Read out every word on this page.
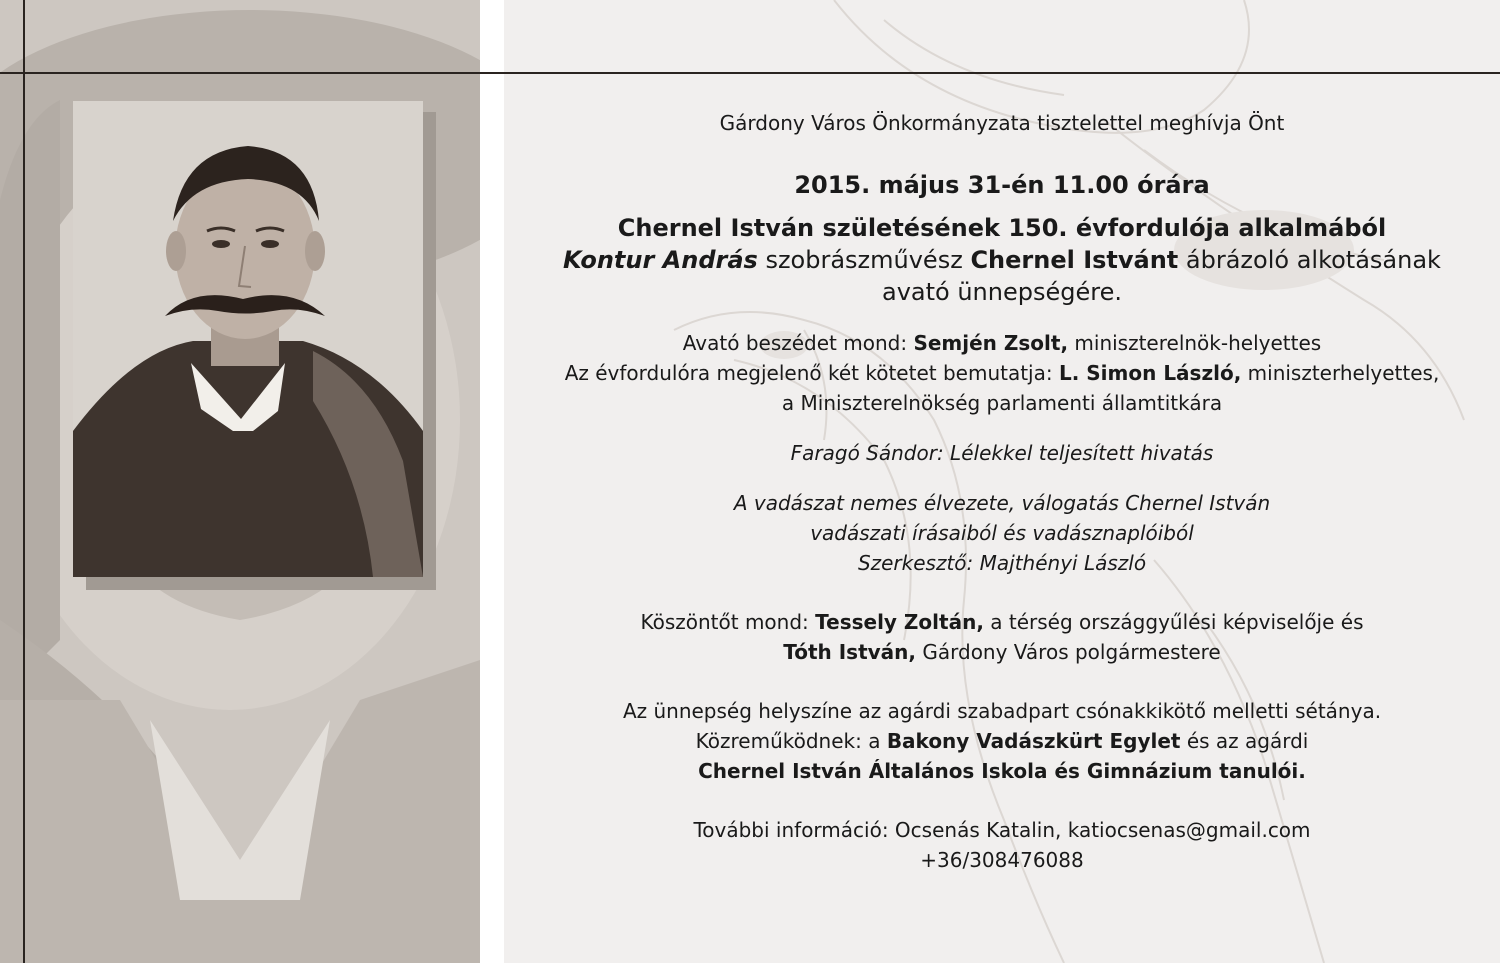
Gárdony Város Önkormányzata tisztelettel meghívja Önt
2015. május 31-én 11.00 órára
Chernel István születésének 150. évfordulója alkalmából
Kontur András szobrászművész Chernel Istvánt ábrázoló alkotásának
avató ünnepségére.
Avató beszédet mond: Semjén Zsolt, miniszterelnök-helyettes
Az évfordulóra megjelenő két kötetet bemutatja: L. Simon László, miniszterhelyettes,
a Miniszterelnökség parlamenti államtitkára
Faragó Sándor: Lélekkel teljesített hivatás
A vadászat nemes élvezete, válogatás Chernel István
vadászati írásaiból és vadásznaplóiból
Szerkesztő: Majthényi László
Köszöntőt mond: Tessely Zoltán, a térség országgyűlési képviselője és
Tóth István, Gárdony Város polgármestere
Az ünnepség helyszíne az agárdi szabadpart csónakkikötő melletti sétánya.
Közreműködnek: a Bakony Vadászkürt Egylet és az agárdi
Chernel István Általános Iskola és Gimnázium tanulói.
További információ: Ocsenás Katalin, katiocsenas@gmail.com
+36/308476088
